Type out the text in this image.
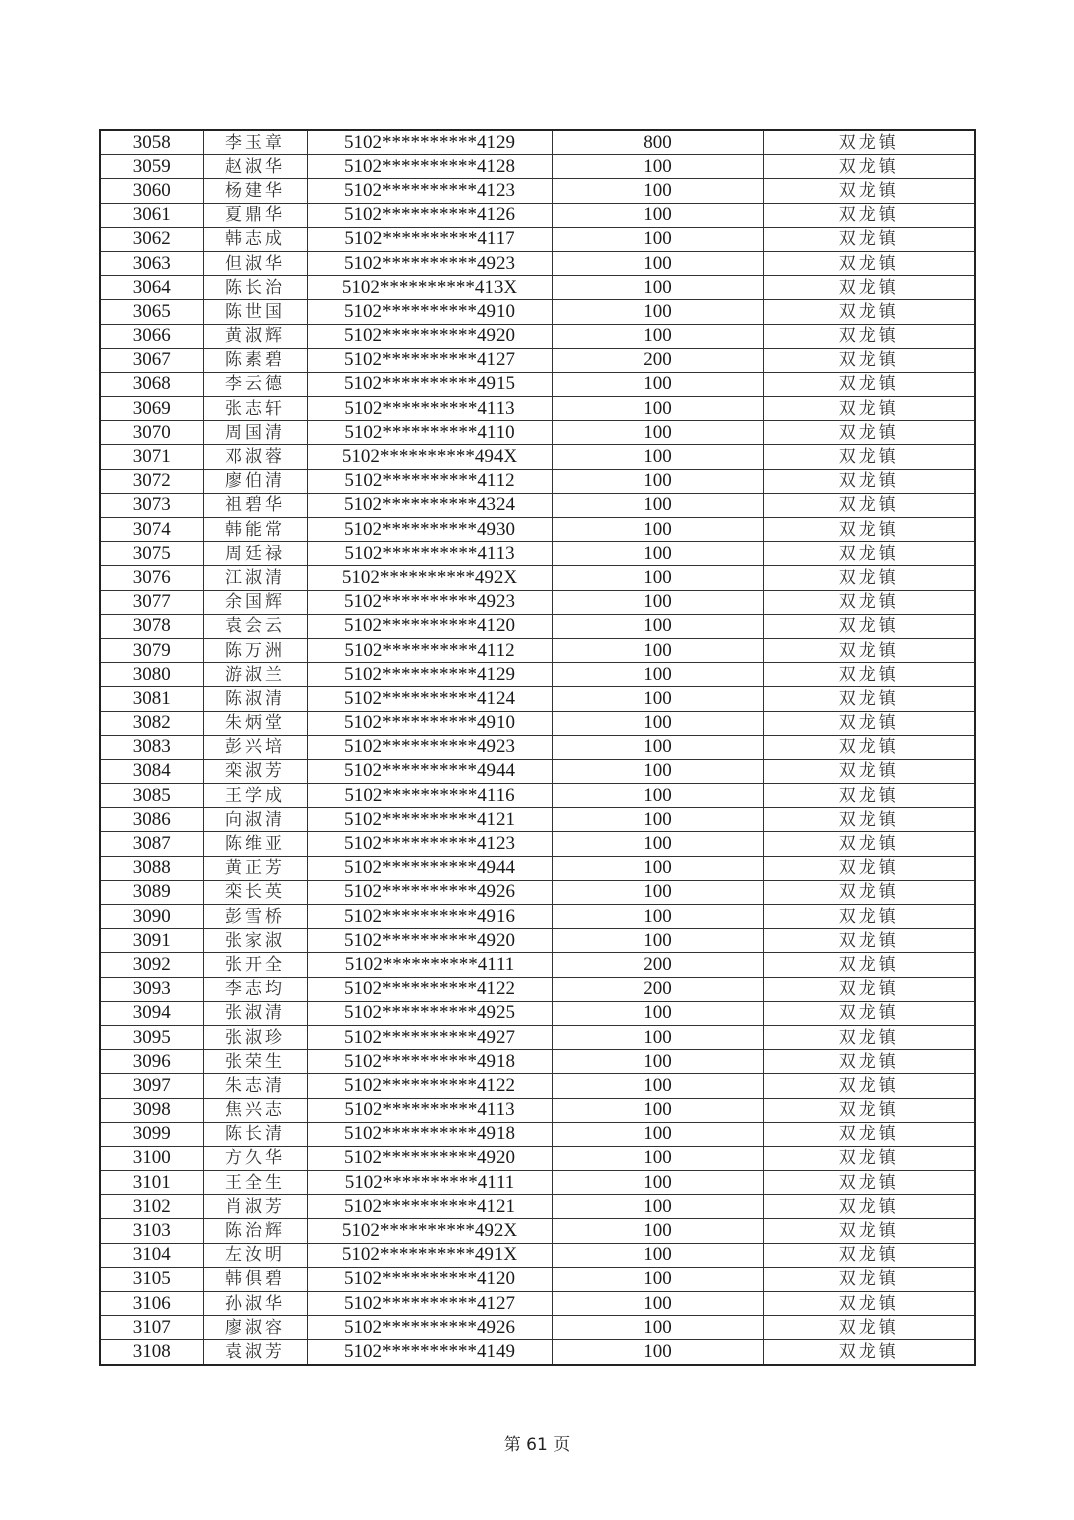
3058	李玉章	5102**********4129	800	双龙镇
3059	赵淑华	5102**********4128	100	双龙镇
3060	杨建华	5102**********4123	100	双龙镇
3061	夏鼎华	5102**********4126	100	双龙镇
3062	韩志成	5102**********4117	100	双龙镇
3063	但淑华	5102**********4923	100	双龙镇
3064	陈长治	5102**********413X	100	双龙镇
3065	陈世国	5102**********4910	100	双龙镇
3066	黄淑辉	5102**********4920	100	双龙镇
3067	陈素碧	5102**********4127	200	双龙镇
3068	李云德	5102**********4915	100	双龙镇
3069	张志轩	5102**********4113	100	双龙镇
3070	周国清	5102**********4110	100	双龙镇
3071	邓淑蓉	5102**********494X	100	双龙镇
3072	廖伯清	5102**********4112	100	双龙镇
3073	祖碧华	5102**********4324	100	双龙镇
3074	韩能常	5102**********4930	100	双龙镇
3075	周廷禄	5102**********4113	100	双龙镇
3076	江淑清	5102**********492X	100	双龙镇
3077	余国辉	5102**********4923	100	双龙镇
3078	袁会云	5102**********4120	100	双龙镇
3079	陈万洲	5102**********4112	100	双龙镇
3080	游淑兰	5102**********4129	100	双龙镇
3081	陈淑清	5102**********4124	100	双龙镇
3082	朱炳堂	5102**********4910	100	双龙镇
3083	彭兴培	5102**********4923	100	双龙镇
3084	栾淑芳	5102**********4944	100	双龙镇
3085	王学成	5102**********4116	100	双龙镇
3086	向淑清	5102**********4121	100	双龙镇
3087	陈维亚	5102**********4123	100	双龙镇
3088	黄正芳	5102**********4944	100	双龙镇
3089	栾长英	5102**********4926	100	双龙镇
3090	彭雪桥	5102**********4916	100	双龙镇
3091	张家淑	5102**********4920	100	双龙镇
3092	张开全	5102**********4111	200	双龙镇
3093	李志均	5102**********4122	200	双龙镇
3094	张淑清	5102**********4925	100	双龙镇
3095	张淑珍	5102**********4927	100	双龙镇
3096	张荣生	5102**********4918	100	双龙镇
3097	朱志清	5102**********4122	100	双龙镇
3098	焦兴志	5102**********4113	100	双龙镇
3099	陈长清	5102**********4918	100	双龙镇
3100	方久华	5102**********4920	100	双龙镇
3101	王全生	5102**********4111	100	双龙镇
3102	肖淑芳	5102**********4121	100	双龙镇
3103	陈治辉	5102**********492X	100	双龙镇
3104	左汝明	5102**********491X	100	双龙镇
3105	韩俱碧	5102**********4120	100	双龙镇
3106	孙淑华	5102**********4127	100	双龙镇
3107	廖淑容	5102**********4926	100	双龙镇
3108	袁淑芳	5102**********4149	100	双龙镇
第 61 页
